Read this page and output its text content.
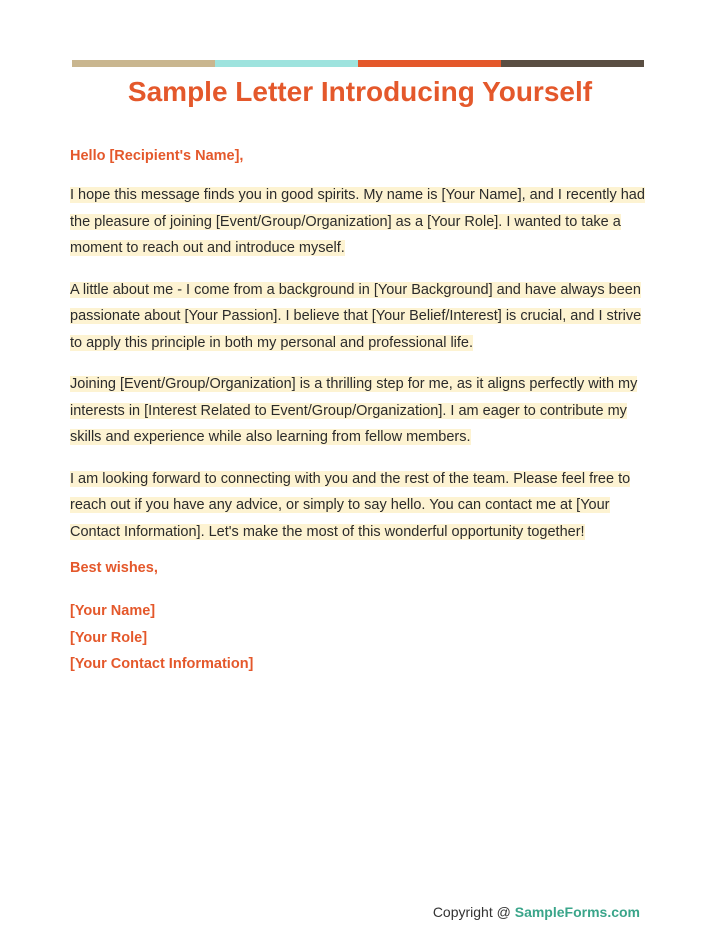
Sample Letter Introducing Yourself

Hello [Recipient's Name],

I hope this message finds you in good spirits. My name is [Your Name], and I recently had the pleasure of joining [Event/Group/Organization] as a [Your Role]. I wanted to take a moment to reach out and introduce myself.

A little about me - I come from a background in [Your Background] and have always been passionate about [Your Passion]. I believe that [Your Belief/Interest] is crucial, and I strive to apply this principle in both my personal and professional life.

Joining [Event/Group/Organization] is a thrilling step for me, as it aligns perfectly with my interests in [Interest Related to Event/Group/Organization]. I am eager to contribute my skills and experience while also learning from fellow members.

I am looking forward to connecting with you and the rest of the team. Please feel free to reach out if you have any advice, or simply to say hello. You can contact me at [Your Contact Information]. Let's make the most of this wonderful opportunity together!

Best wishes,

[Your Name]

[Your Role]

[Your Contact Information]

Copyright @ SampleForms.com
